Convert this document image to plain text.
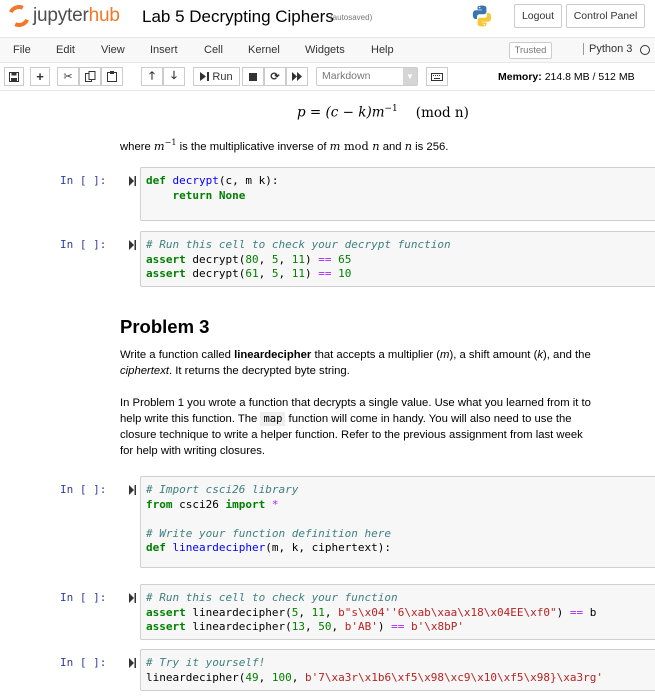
jupyterhub Lab 5 Decrypting Ciphers
(autosaved)	Logout	Control Panel
File Edit View Insert Cell Kernel Widgets Help	Trusted	Python 3
+ ✂	🡑 🡓	Run	⟳	Markdown	▼	Memory: 214.8 MB / 512 MB
$p = (c - k)m^{-1}$ (mod n)
where $m^{-1}$ is the multiplicative inverse of m mod n and n is 256.
In [ ]:	def decrypt(c, m k):
return None
In [ ]:	# Run this cell to check your decrypt function
assert decrypt(80, 5, 11) == 65
assert decrypt(61, 5, 11) == 10
Problem 3
Write a function called lineardecipher that accepts a multiplier (m), a shift amount (k), and the
ciphertext. It returns the decrypted byte string.
In Problem 1 you wrote a function that decrypts a single value. Use what you learned from it to
help write this function. The map function will come in handy. You will also need to use the
closure technique to write a helper function. Refer to the previous assignment from last week
for help with writing closures.
In [ ]:	# Import csci26 library
from csci26 import *

# Write your function definition here
def lineardecipher(m, k, ciphertext):
In [ ]:	# Run this cell to check your function
assert lineardecipher(5, 11, b"s\x04''6\xab\xaa\x18\x04EE\xf0") == b
assert lineardecipher(13, 50, b'AB') == b'\x8bP'
In [ ]:	# Try it yourself!
lineardecipher(49, 100, b'7\xa3r\x1b6\xf5\x98\xc9\x10\xf5\x98}\xa3rg'
